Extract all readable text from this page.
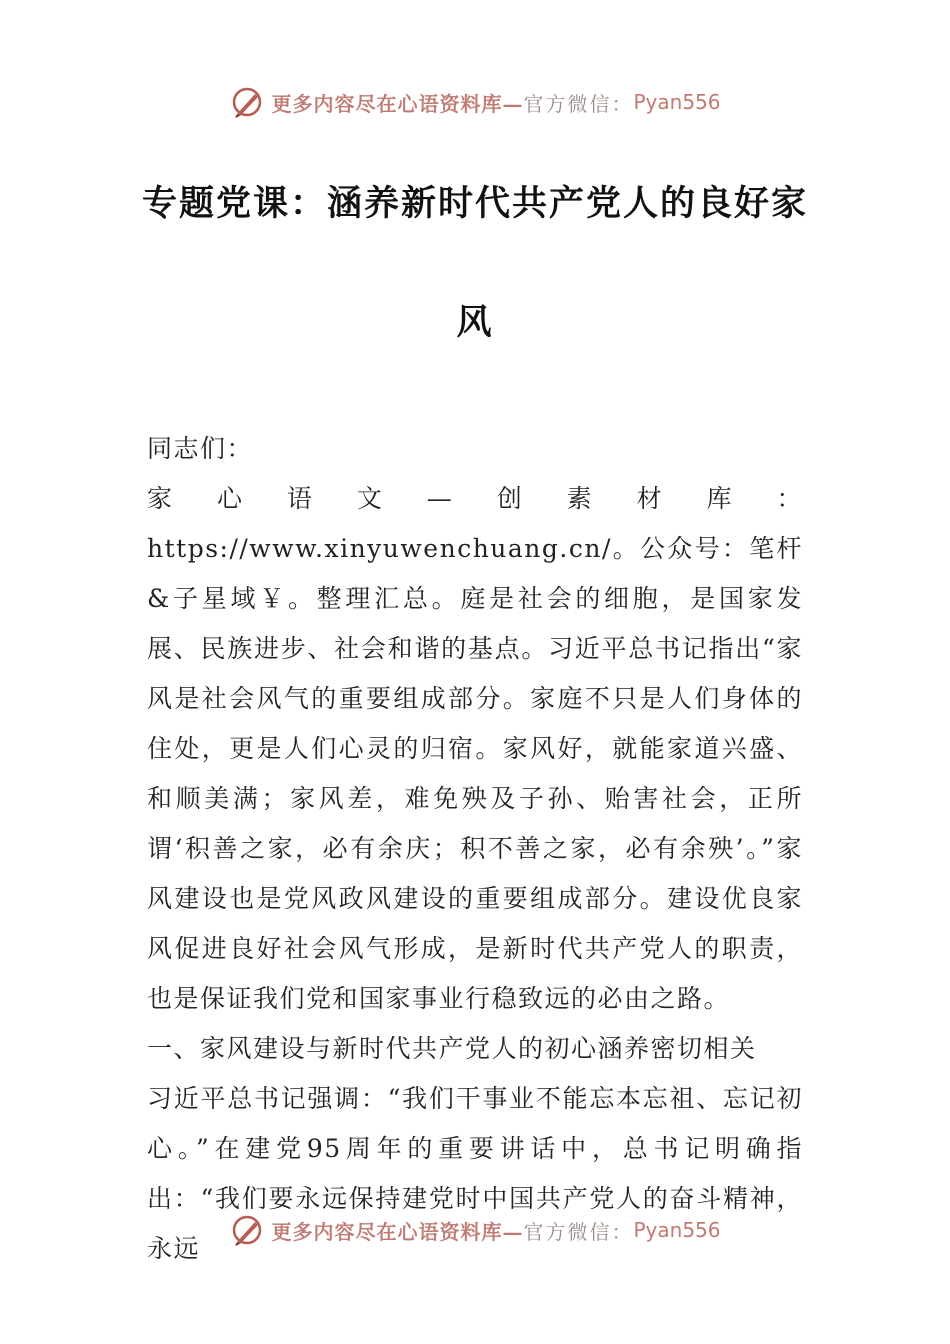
更多内容尽在心语资料库— 官方微信： Pyan556
专题党课：涵养新时代共产党人的良好家
风

同志们：

家心语文—创素材库：https://www.xinyuwenchuang.cn/。公众号：笔杆&子星域￥。整理汇总。庭是社会的细胞，是国家发展、民族进步、社会和谐的基点。习近平总书记指出“家风是社会风气的重要组成部分。家庭不只是人们身体的住处，更是人们心灵的归宿。家风好，就能家道兴盛、和顺美满；家风差，难免殃及子孙、贻害社会，正所谓‘积善之家，必有余庆；积不善之家，必有余殃’。”家风建设也是党风政风建设的重要组成部分。建设优良家风促进良好社会风气形成，是新时代共产党人的职责，也是保证我们党和国家事业行稳致远的必由之路。

一、家风建设与新时代共产党人的初心涵养密切相关

习近平总书记强调：“我们干事业不能忘本忘祖、忘记初心。”在建党95周年的重要讲话中，总书记明确指出：“我们要永远保持建党时中国共产党人的奋斗精神，永远

更多内容尽在心语资料库— 官方微信： Pyan556
